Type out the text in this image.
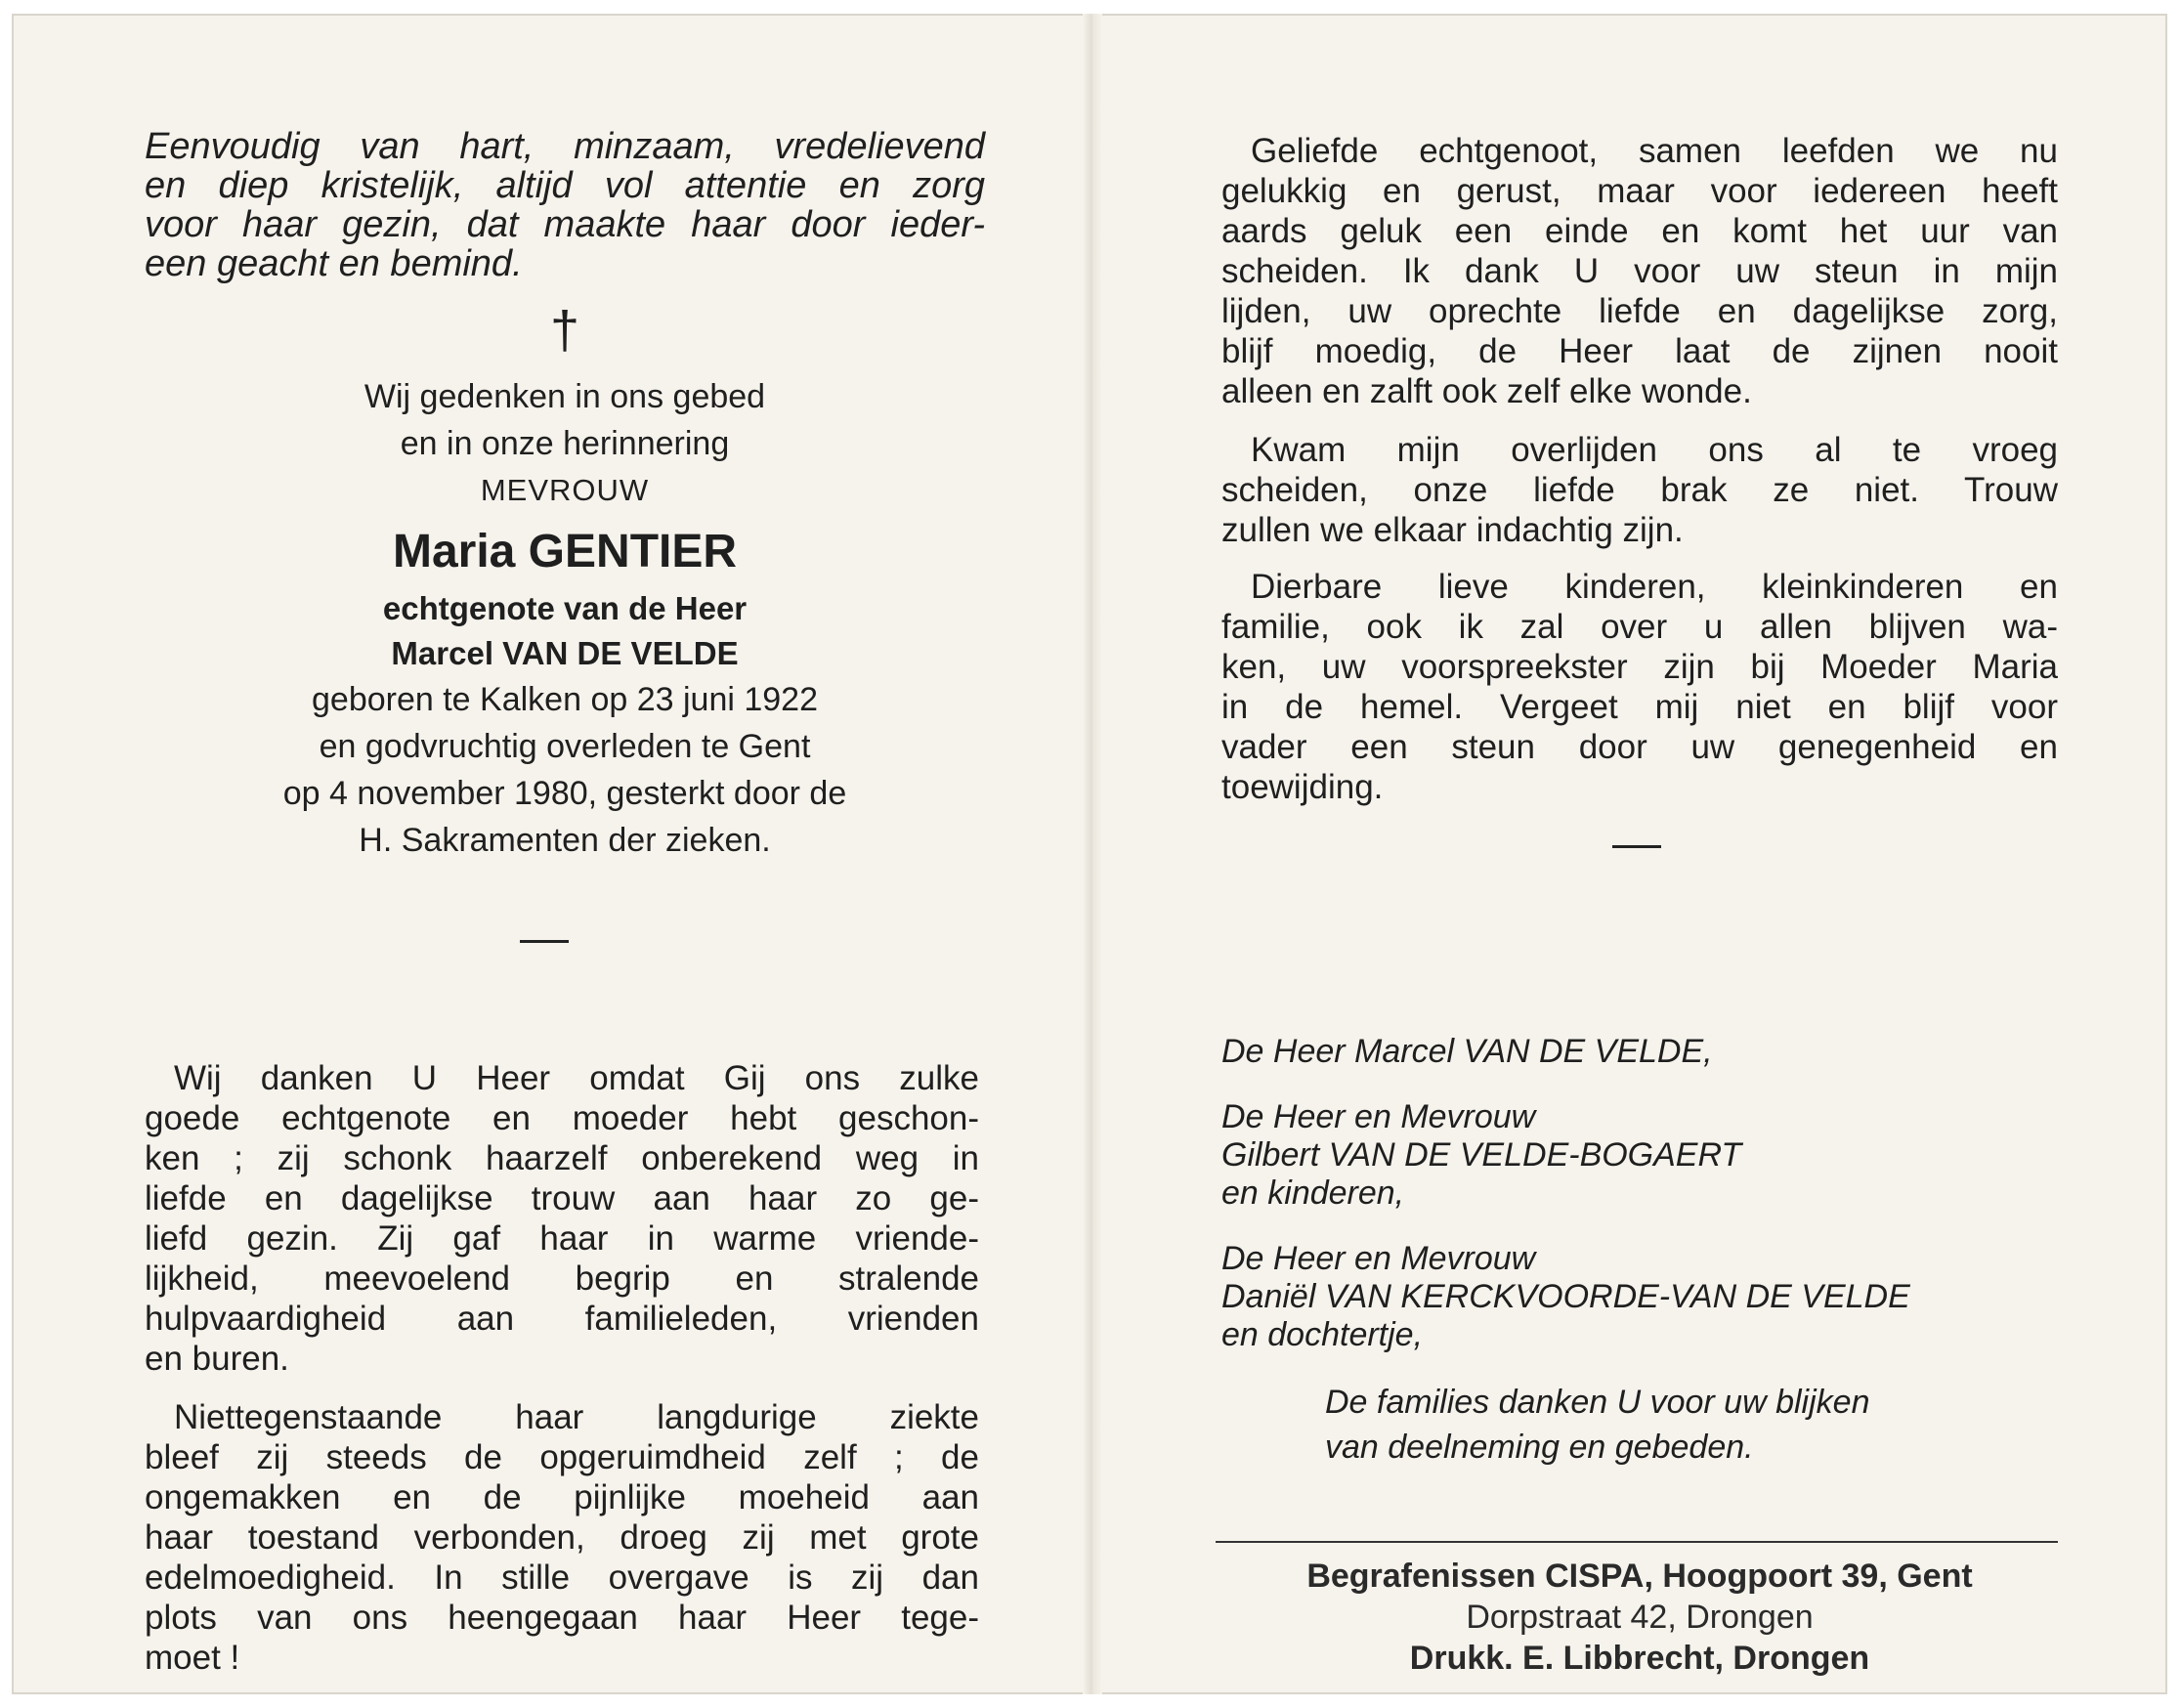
Eenvoudig van hart, minzaam, vredelievend
en diep kristelijk, altijd vol attentie en zorg
voor haar gezin, dat maakte haar door ieder-
een geacht en bemind.
†
Wij gedenken in ons gebed
en in onze herinnering
MEVROUW
Maria GENTIER
echtgenote van de Heer
Marcel VAN DE VELDE
geboren te Kalken op 23 juni 1922
en godvruchtig overleden te Gent
op 4 november 1980, gesterkt door de
H. Sakramenten der zieken.
Wij danken U Heer omdat Gij ons zulke
goede echtgenote en moeder hebt geschon-
ken ; zij schonk haarzelf onberekend weg in
liefde en dagelijkse trouw aan haar zo ge-
liefd gezin. Zij gaf haar in warme vriende-
lijkheid, meevoelend begrip en stralende
hulpvaardigheid aan familieleden, vrienden
en buren.
Niettegenstaande haar langdurige ziekte
bleef zij steeds de opgeruimdheid zelf ; de
ongemakken en de pijnlijke moeheid aan
haar toestand verbonden, droeg zij met grote
edelmoedigheid. In stille overgave is zij dan
plots van ons heengegaan haar Heer tege-
moet !
Geliefde echtgenoot, samen leefden we nu
gelukkig en gerust, maar voor iedereen heeft
aards geluk een einde en komt het uur van
scheiden. Ik dank U voor uw steun in mijn
lijden, uw oprechte liefde en dagelijkse zorg,
blijf moedig, de Heer laat de zijnen nooit
alleen en zalft ook zelf elke wonde.
Kwam mijn overlijden ons al te vroeg
scheiden, onze liefde brak ze niet. Trouw
zullen we elkaar indachtig zijn.
Dierbare lieve kinderen, kleinkinderen en
familie, ook ik zal over u allen blijven wa-
ken, uw voorspreekster zijn bij Moeder Maria
in de hemel. Vergeet mij niet en blijf voor
vader een steun door uw genegenheid en
toewijding.
De Heer Marcel VAN DE VELDE,
De Heer en Mevrouw
Gilbert VAN DE VELDE-BOGAERT
en kinderen,
De Heer en Mevrouw
Daniël VAN KERCKVOORDE-VAN DE VELDE
en dochtertje,
De families danken U voor uw blijken
van deelneming en gebeden.
Begrafenissen CISPA, Hoogpoort 39, Gent
Dorpstraat 42, Drongen
Drukk. E. Libbrecht, Drongen
